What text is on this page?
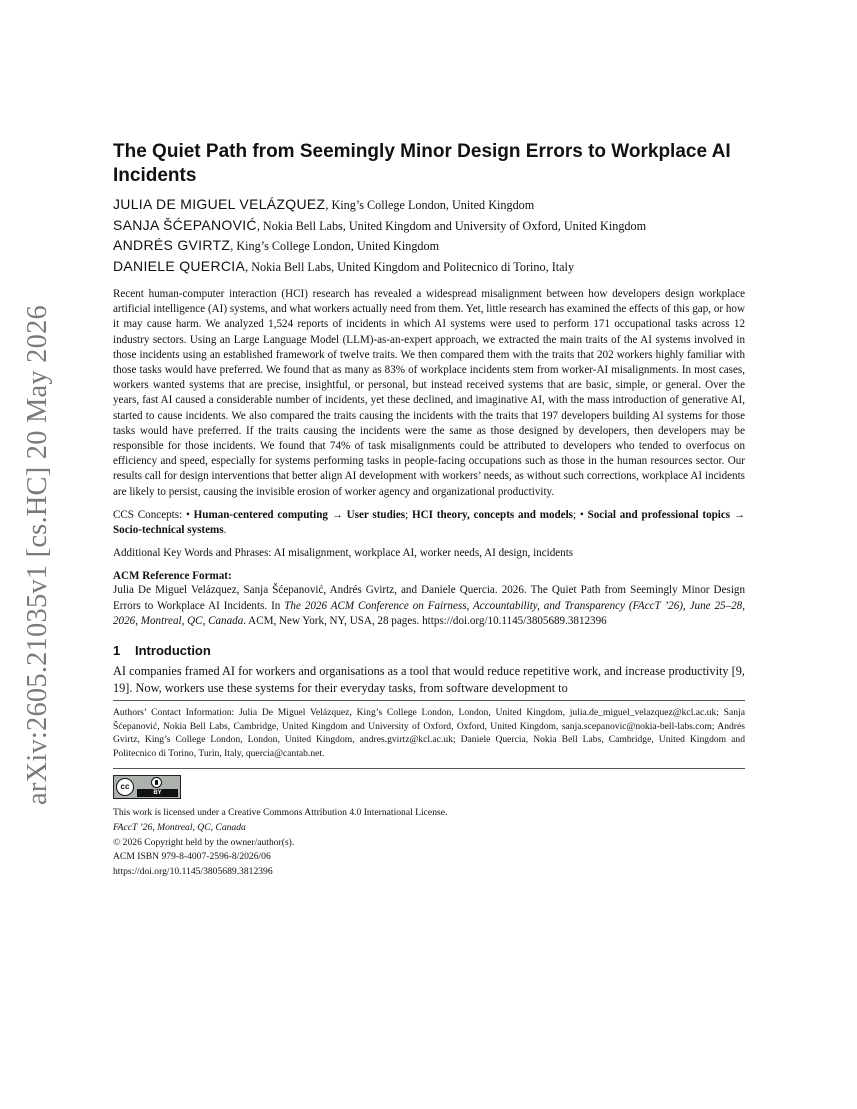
arXiv:2605.21035v1 [cs.HC] 20 May 2026
The Quiet Path from Seemingly Minor Design Errors to Workplace AI Incidents
JULIA DE MIGUEL VELÁZQUEZ, King’s College London, United Kingdom
SANJA ŠĆEPANOVIĆ, Nokia Bell Labs, United Kingdom and University of Oxford, United Kingdom
ANDRÉS GVIRTZ, King’s College London, United Kingdom
DANIELE QUERCIA, Nokia Bell Labs, United Kingdom and Politecnico di Torino, Italy

Recent human-computer interaction (HCI) research has revealed a widespread misalignment between how developers design workplace artificial intelligence (AI) systems, and what workers actually need from them. Yet, little research has examined the effects of this gap, or how it may cause harm. We analyzed 1,524 reports of incidents in which AI systems were used to perform 171 occupational tasks across 12 industry sectors. Using an Large Language Model (LLM)-as-an-expert approach, we extracted the main traits of the AI systems involved in those incidents using an established framework of twelve traits. We then compared them with the traits that 202 workers highly familiar with those tasks would have preferred. We found that as many as 83% of workplace incidents stem from worker-AI misalignments. In most cases, workers wanted systems that are precise, insightful, or personal, but instead received systems that are basic, simple, or general. Over the years, fast AI caused a considerable number of incidents, yet these declined, and imaginative AI, with the mass introduction of generative AI, started to cause incidents. We also compared the traits causing the incidents with the traits that 197 developers building AI systems for those tasks would have preferred. If the traits causing the incidents were the same as those designed by developers, then developers may be responsible for those incidents. We found that 74% of task misalignments could be attributed to developers who tended to overfocus on efficiency and speed, especially for systems performing tasks in people-facing occupations such as those in the human resources sector. Our results call for design interventions that better align AI development with workers’ needs, as without such corrections, workplace AI incidents are likely to persist, causing the invisible erosion of worker agency and organizational productivity.

CCS Concepts: • Human-centered computing → User studies; HCI theory, concepts and models; • Social and professional topics → Socio-technical systems.

Additional Key Words and Phrases: AI misalignment, workplace AI, worker needs, AI design, incidents

ACM Reference Format:

Julia De Miguel Velázquez, Sanja Šćepanović, Andrés Gvirtz, and Daniele Quercia. 2026. The Quiet Path from Seemingly Minor Design Errors to Workplace AI Incidents. In The 2026 ACM Conference on Fairness, Accountability, and Transparency (FAccT ’26), June 25–28, 2026, Montreal, QC, Canada. ACM, New York, NY, USA, 28 pages. https://doi.org/10.1145/3805689.3812396

1 Introduction

AI companies framed AI for workers and organisations as a tool that would reduce repetitive work, and increase productivity [9, 19]. Now, workers use these systems for their everyday tasks, from software development to

Authors’ Contact Information: Julia De Miguel Velázquez, King’s College London, London, United Kingdom, julia.de_miguel_velazquez@kcl.ac.uk; Sanja Šćepanović, Nokia Bell Labs, Cambridge, United Kingdom and University of Oxford, Oxford, United Kingdom, sanja.scepanovic@nokia-bell-labs.com; Andrés Gvirtz, King’s College London, London, United Kingdom, andres.gvirtz@kcl.ac.uk; Daniele Quercia, Nokia Bell Labs, Cambridge, United Kingdom and Politecnico di Torino, Turin, Italy, quercia@cantab.net.

cc
BY
This work is licensed under a Creative Commons Attribution 4.0 International License.
FAccT ’26, Montreal, QC, Canada
© 2026 Copyright held by the owner/author(s).
ACM ISBN 979-8-4007-2596-8/2026/06
https://doi.org/10.1145/3805689.3812396
